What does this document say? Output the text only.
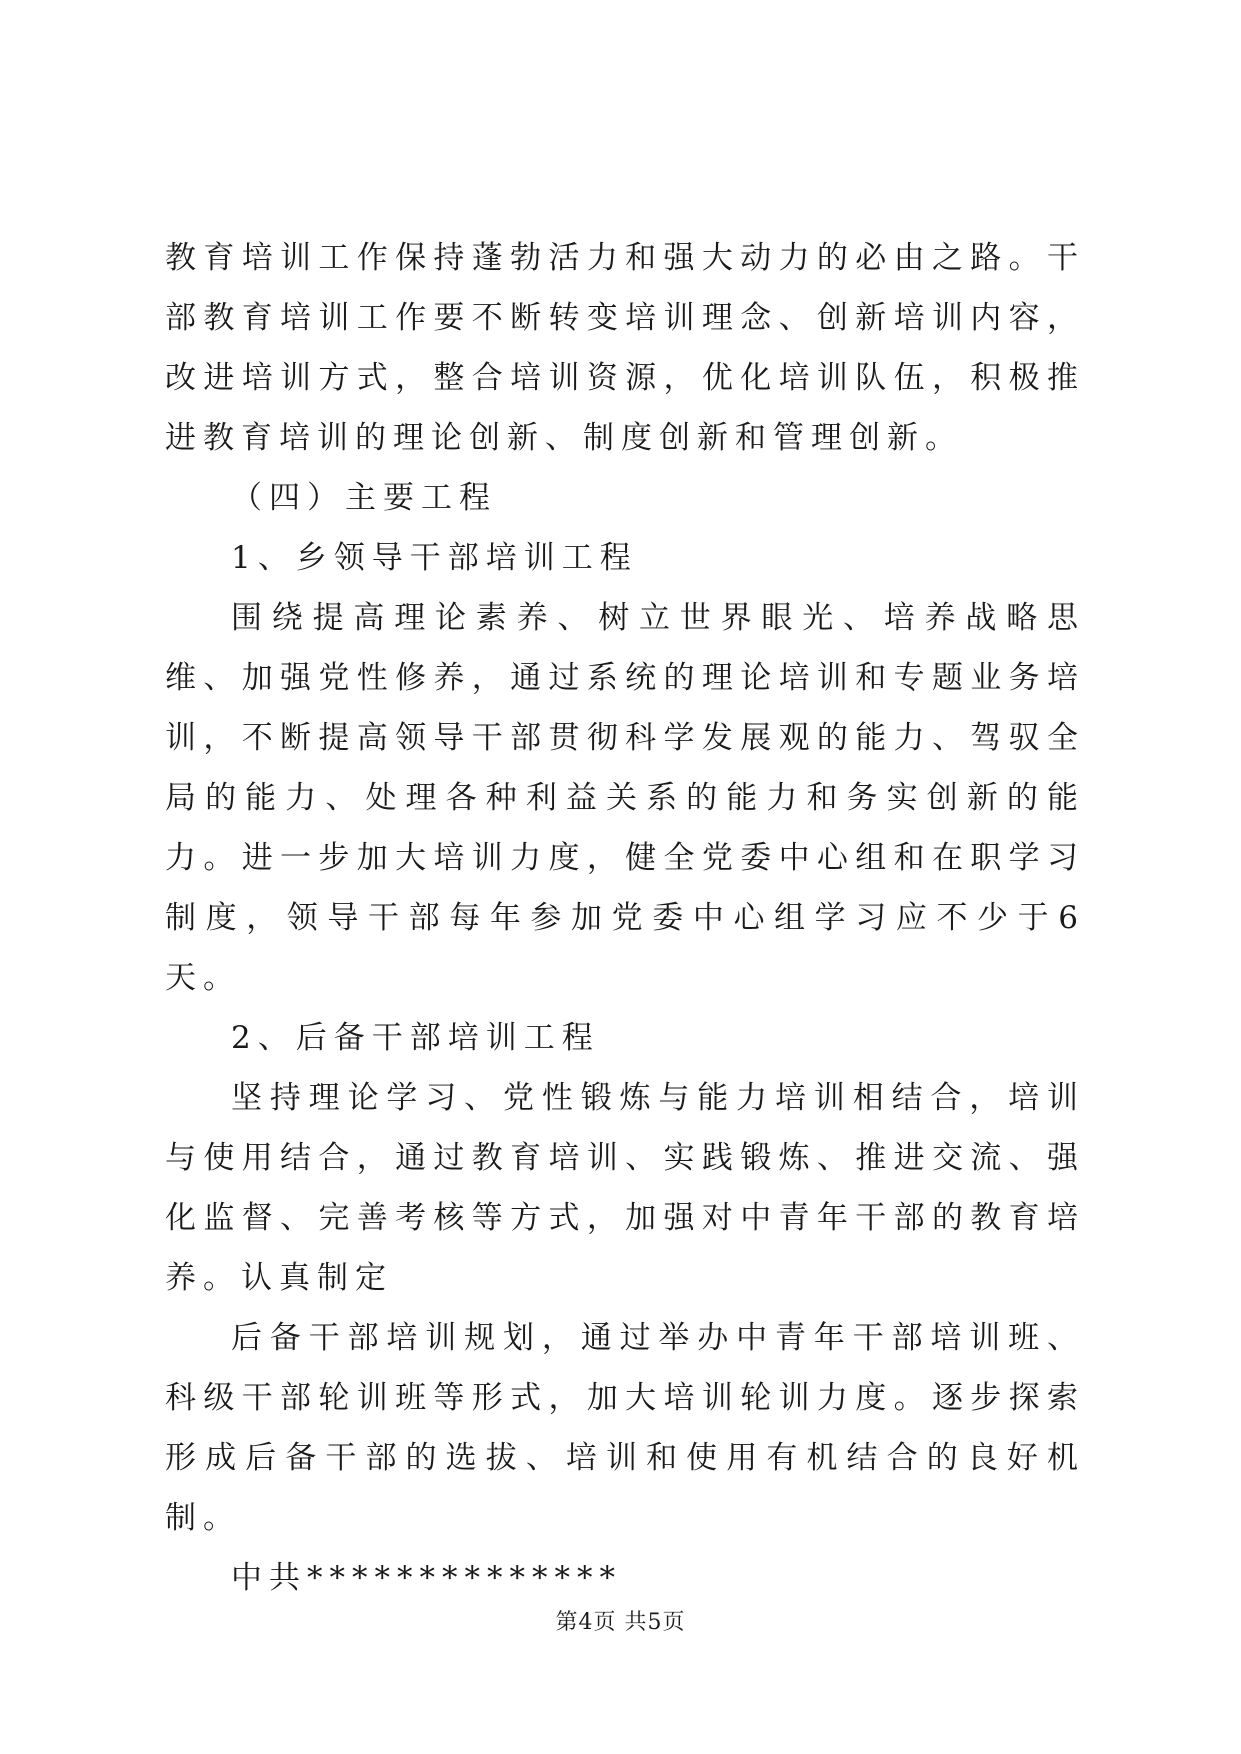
教育培训工作保持蓬勃活力和强大动力的必由之路。干部教育培训工作要不断转变培训理念、创新培训内容，改进培训方式，整合培训资源，优化培训队伍，积极推进教育培训的理论创新、制度创新和管理创新。

（四）主要工程

1、乡领导干部培训工程

围绕提高理论素养、树立世界眼光、培养战略思维、加强党性修养，通过系统的理论培训和专题业务培训，不断提高领导干部贯彻科学发展观的能力、驾驭全局的能力、处理各种利益关系的能力和务实创新的能力。进一步加大培训力度，健全党委中心组和在职学习制度，领导干部每年参加党委中心组学习应不少于6天。

2、后备干部培训工程

坚持理论学习、党性锻炼与能力培训相结合，培训与使用结合，通过教育培训、实践锻炼、推进交流、强化监督、完善考核等方式，加强对中青年干部的教育培养。认真制定

后备干部培训规划，通过举办中青年干部培训班、科级干部轮训班等形式，加大培训轮训力度。逐步探索形成后备干部的选拔、培训和使用有机结合的良好机制。

中共**************

第4页 共5页
